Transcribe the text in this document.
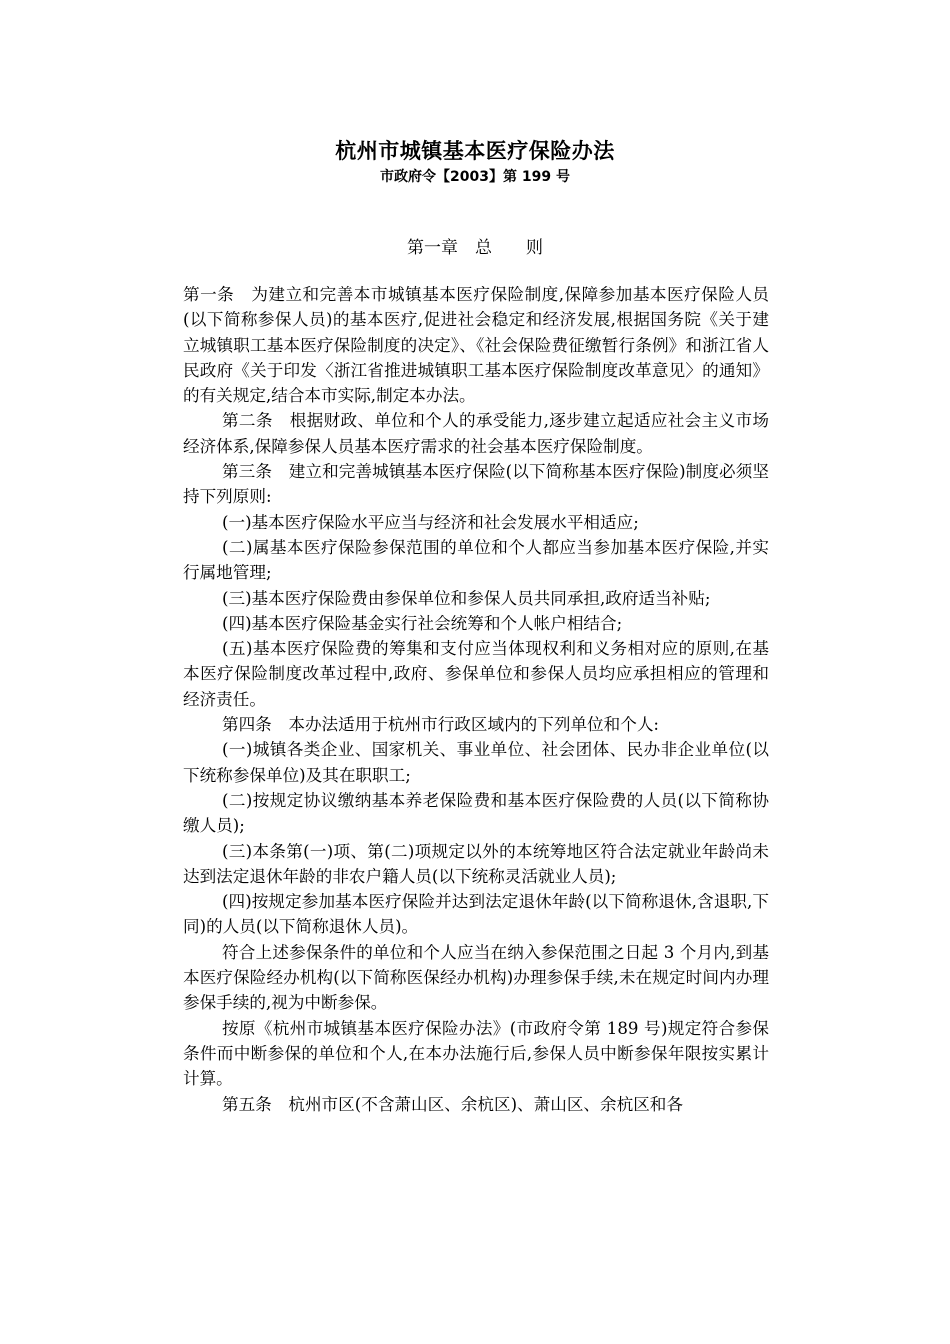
杭州市城镇基本医疗保险办法
市政府令【2003】第 199 号
第一章　总　　则

第一条　为建立和完善本市城镇基本医疗保险制度,保障参加基本医疗保险人员(以下简称参保人员)的基本医疗,促进社会稳定和经济发展,根据国务院《关于建立城镇职工基本医疗保险制度的决定》、《社会保险费征缴暂行条例》和浙江省人民政府《关于印发〈浙江省推进城镇职工基本医疗保险制度改革意见〉的通知》的有关规定,结合本市实际,制定本办法。

第二条　根据财政、单位和个人的承受能力,逐步建立起适应社会主义市场经济体系,保障参保人员基本医疗需求的社会基本医疗保险制度。

第三条　建立和完善城镇基本医疗保险(以下简称基本医疗保险)制度必须坚持下列原则:

(一)基本医疗保险水平应当与经济和社会发展水平相适应;

(二)属基本医疗保险参保范围的单位和个人都应当参加基本医疗保险,并实行属地管理;

(三)基本医疗保险费由参保单位和参保人员共同承担,政府适当补贴;

(四)基本医疗保险基金实行社会统筹和个人帐户相结合;

(五)基本医疗保险费的筹集和支付应当体现权利和义务相对应的原则,在基本医疗保险制度改革过程中,政府、参保单位和参保人员均应承担相应的管理和经济责任。

第四条　本办法适用于杭州市行政区域内的下列单位和个人:

(一)城镇各类企业、国家机关、事业单位、社会团体、民办非企业单位(以下统称参保单位)及其在职职工;

(二)按规定协议缴纳基本养老保险费和基本医疗保险费的人员(以下简称协缴人员);

(三)本条第(一)项、第(二)项规定以外的本统筹地区符合法定就业年龄尚未达到法定退休年龄的非农户籍人员(以下统称灵活就业人员);

(四)按规定参加基本医疗保险并达到法定退休年龄(以下简称退休,含退职,下同)的人员(以下简称退休人员)。

符合上述参保条件的单位和个人应当在纳入参保范围之日起 3 个月内,到基本医疗保险经办机构(以下简称医保经办机构)办理参保手续,未在规定时间内办理参保手续的,视为中断参保。

按原《杭州市城镇基本医疗保险办法》(市政府令第 189 号)规定符合参保条件而中断参保的单位和个人,在本办法施行后,参保人员中断参保年限按实累计计算。

第五条　杭州市区(不含萧山区、余杭区)、萧山区、余杭区和各
